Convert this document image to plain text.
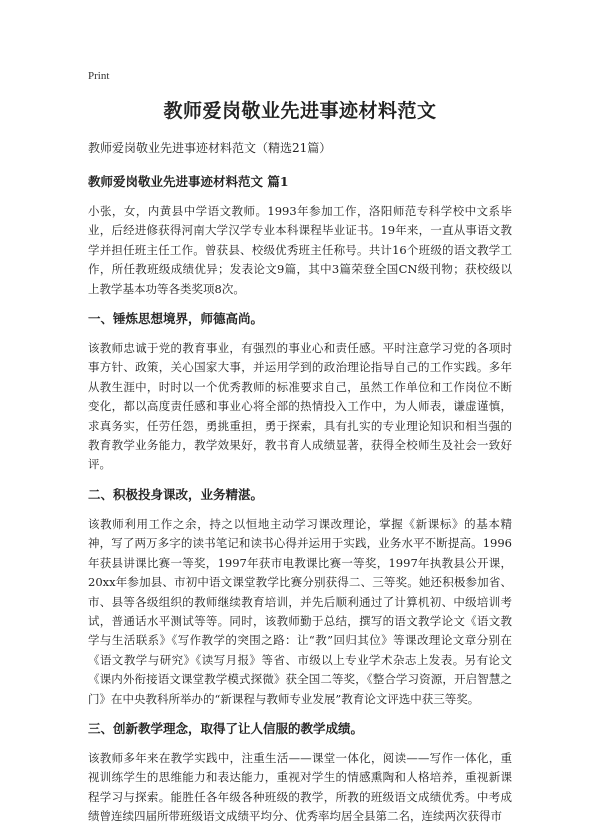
Print
教师爱岗敬业先进事迹材料范文
教师爱岗敬业先进事迹材料范文（精选21篇）
教师爱岗敬业先进事迹材料范文 篇1
小张，女，内黄县中学语文教师。1993年参加工作，洛阳师范专科学校中文系毕业，后经进修获得河南大学汉学专业本科课程毕业证书。19年来，一直从事语文教学并担任班主任工作。曾获县、校级优秀班主任称号。共计16个班级的语文教学工作，所任教班级成绩优异；发表论文9篇，其中3篇荣登全国CN级刊物；获校级以上教学基本功等各类奖项8次。
一、锤炼思想境界，师德高尚。
该教师忠诚于党的教育事业，有强烈的事业心和责任感。平时注意学习党的各项时事方针、政策，关心国家大事，并运用学到的政治理论指导自己的工作实践。多年从教生涯中，时时以一个优秀教师的标准要求自己，虽然工作单位和工作岗位不断变化，都以高度责任感和事业心将全部的热情投入工作中，为人师表，谦虚谨慎，求真务实，任劳任怨，勇挑重担，勇于探索，具有扎实的专业理论知识和相当强的教育教学业务能力，教学效果好，教书育人成绩显著，获得全校师生及社会一致好评。
二、积极投身课改，业务精湛。
该教师利用工作之余，持之以恒地主动学习课改理论，掌握《新课标》的基本精神，写了两万多字的读书笔记和读书心得并运用于实践，业务水平不断提高。1996年获县讲课比赛一等奖，1997年获市电教课比赛一等奖，1997年执教县公开课，20xx年参加县、市初中语文课堂教学比赛分别获得二、三等奖。她还积极参加省、市、县等各级组织的教师继续教育培训，并先后顺利通过了计算机初、中级培训考试，普通话水平测试等等。同时，该教师勤于总结，撰写的语文教学论文《语文教学与生活联系》《写作教学的突围之路：让“教”回归其位》等课改理论文章分别在《语文教学与研究》《读写月报》等省、市级以上专业学术杂志上发表。另有论文《课内外衔接语文课堂教学模式探微》获全国二等奖，《整合学习资源，开启智慧之门》在中央教科所举办的“新课程与教师专业发展”教育论文评选中获三等奖。
三、创新教学理念，取得了让人信服的教学成绩。
该教师多年来在教学实践中，注重生活——课堂一体化，阅读——写作一体化，重视训练学生的思维能力和表达能力，重视对学生的情感熏陶和人格培养，重视新课程学习与探索。能胜任各年级各种班级的教学，所教的班级语文成绩优秀。中考成绩曾连续四届所带班级语文成绩平均分、优秀率均居全县第二名，连续两次获得市
